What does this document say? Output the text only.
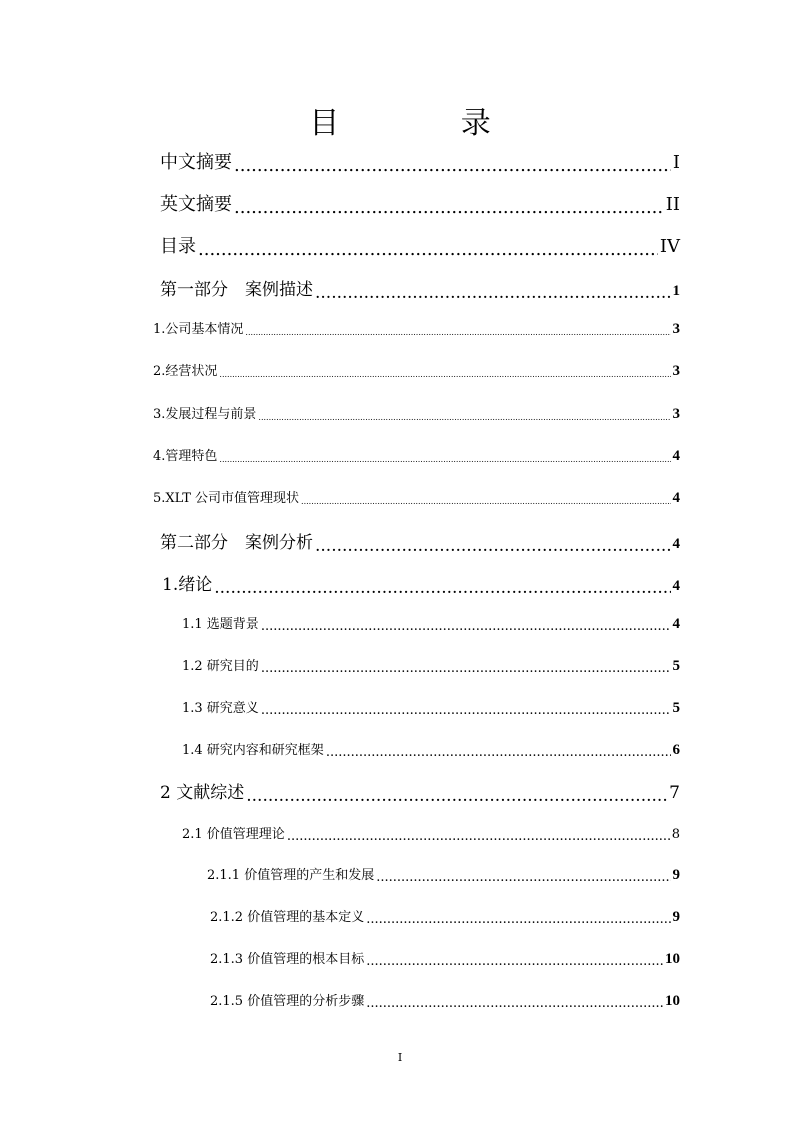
目 录
中文摘要 .....	I
英文摘要 .....	II
目录 .....	IV
第一部分　案例描述 .....	1
1.公司基本情况 .....	3
2.经营状况 .....	3
3.发展过程与前景 .....	3
4.管理特色 .....	4
5.XLT 公司市值管理现状 .....	4
第二部分　案例分析 .....	4
1.绪论 .....	4
1.1 选题背景 .....	4
1.2 研究目的 .....	5
1.3 研究意义 .....	5
1.4 研究内容和研究框架 .....	6
2 文献综述 .....	7
2.1 价值管理理论 .....	8
2.1.1 价值管理的产生和发展 .....	9
2.1.2 价值管理的基本定义 .....	9
2.1.3 价值管理的根本目标 .....	10
2.1.5 价值管理的分析步骤 .....	10
I
